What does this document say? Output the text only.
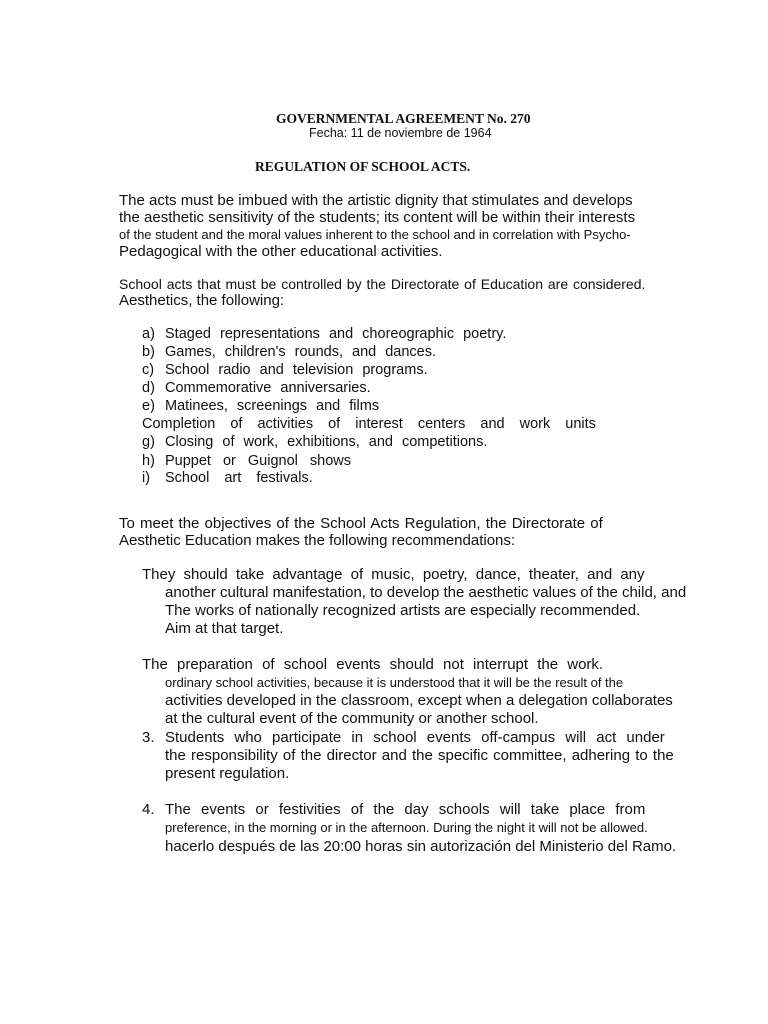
GOVERNMENTAL AGREEMENT No. 270
Fecha: 11 de noviembre de 1964
REGULATION OF SCHOOL ACTS.
The acts must be imbued with the artistic dignity that stimulates and develops
the aesthetic sensitivity of the students; its content will be within their interests
of the student and the moral values inherent to the school and in correlation with Psycho-
Pedagogical with the other educational activities.
School acts that must be controlled by the Directorate of Education are considered.
Aesthetics, the following:
a) Staged representations and choreographic poetry.
b) Games, children's rounds, and dances.
c) School radio and television programs.
d) Commemorative anniversaries.
e) Matinees, screenings and films
Completion of activities of interest centers and work units
g) Closing of work, exhibitions, and competitions.
h) Puppet or Guignol shows
i) School art festivals.
To meet the objectives of the School Acts Regulation, the Directorate of
Aesthetic Education makes the following recommendations:
They should take advantage of music, poetry, dance, theater, and any
another cultural manifestation, to develop the aesthetic values of the child, and
The works of nationally recognized artists are especially recommended.
Aim at that target.
The preparation of school events should not interrupt the work.
ordinary school activities, because it is understood that it will be the result of the
activities developed in the classroom, except when a delegation collaborates
at the cultural event of the community or another school.
3. Students who participate in school events off-campus will act under
the responsibility of the director and the specific committee, adhering to the
present regulation.
4. The events or festivities of the day schools will take place from
preference, in the morning or in the afternoon. During the night it will not be allowed.
hacerlo después de las 20:00 horas sin autorización del Ministerio del Ramo.
